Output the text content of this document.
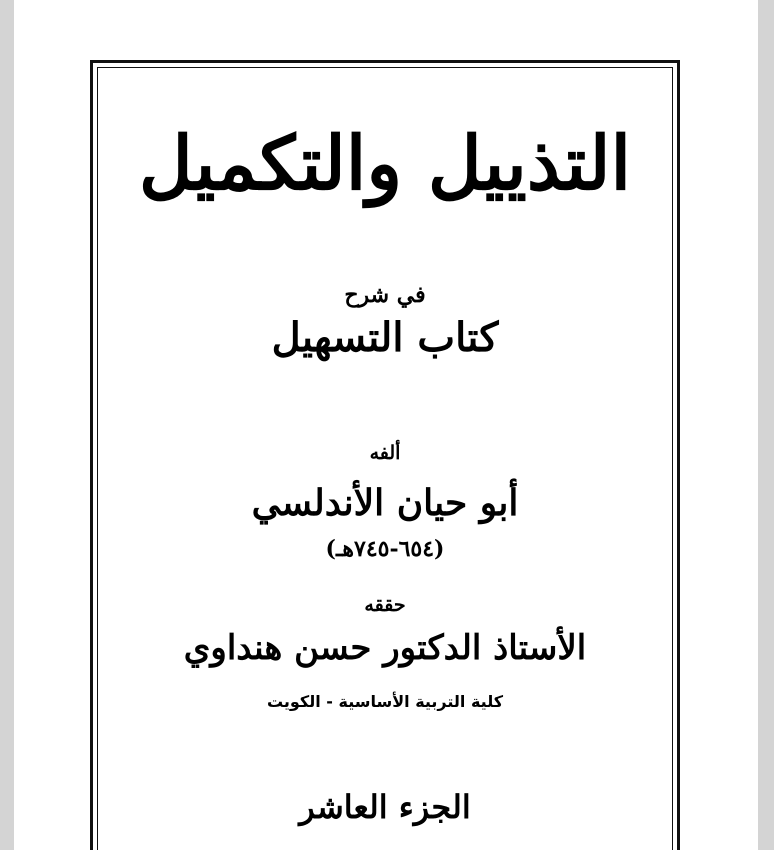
التذييل والتكميل
في شرح
كتاب التسهيل
ألفه
أبو حيان الأندلسي
(٦٥٤-٧٤٥هـ)
حققه
الأستاذ الدكتور حسن هنداوي
كلية التربية الأساسية - الكويت
الجزء العاشر
